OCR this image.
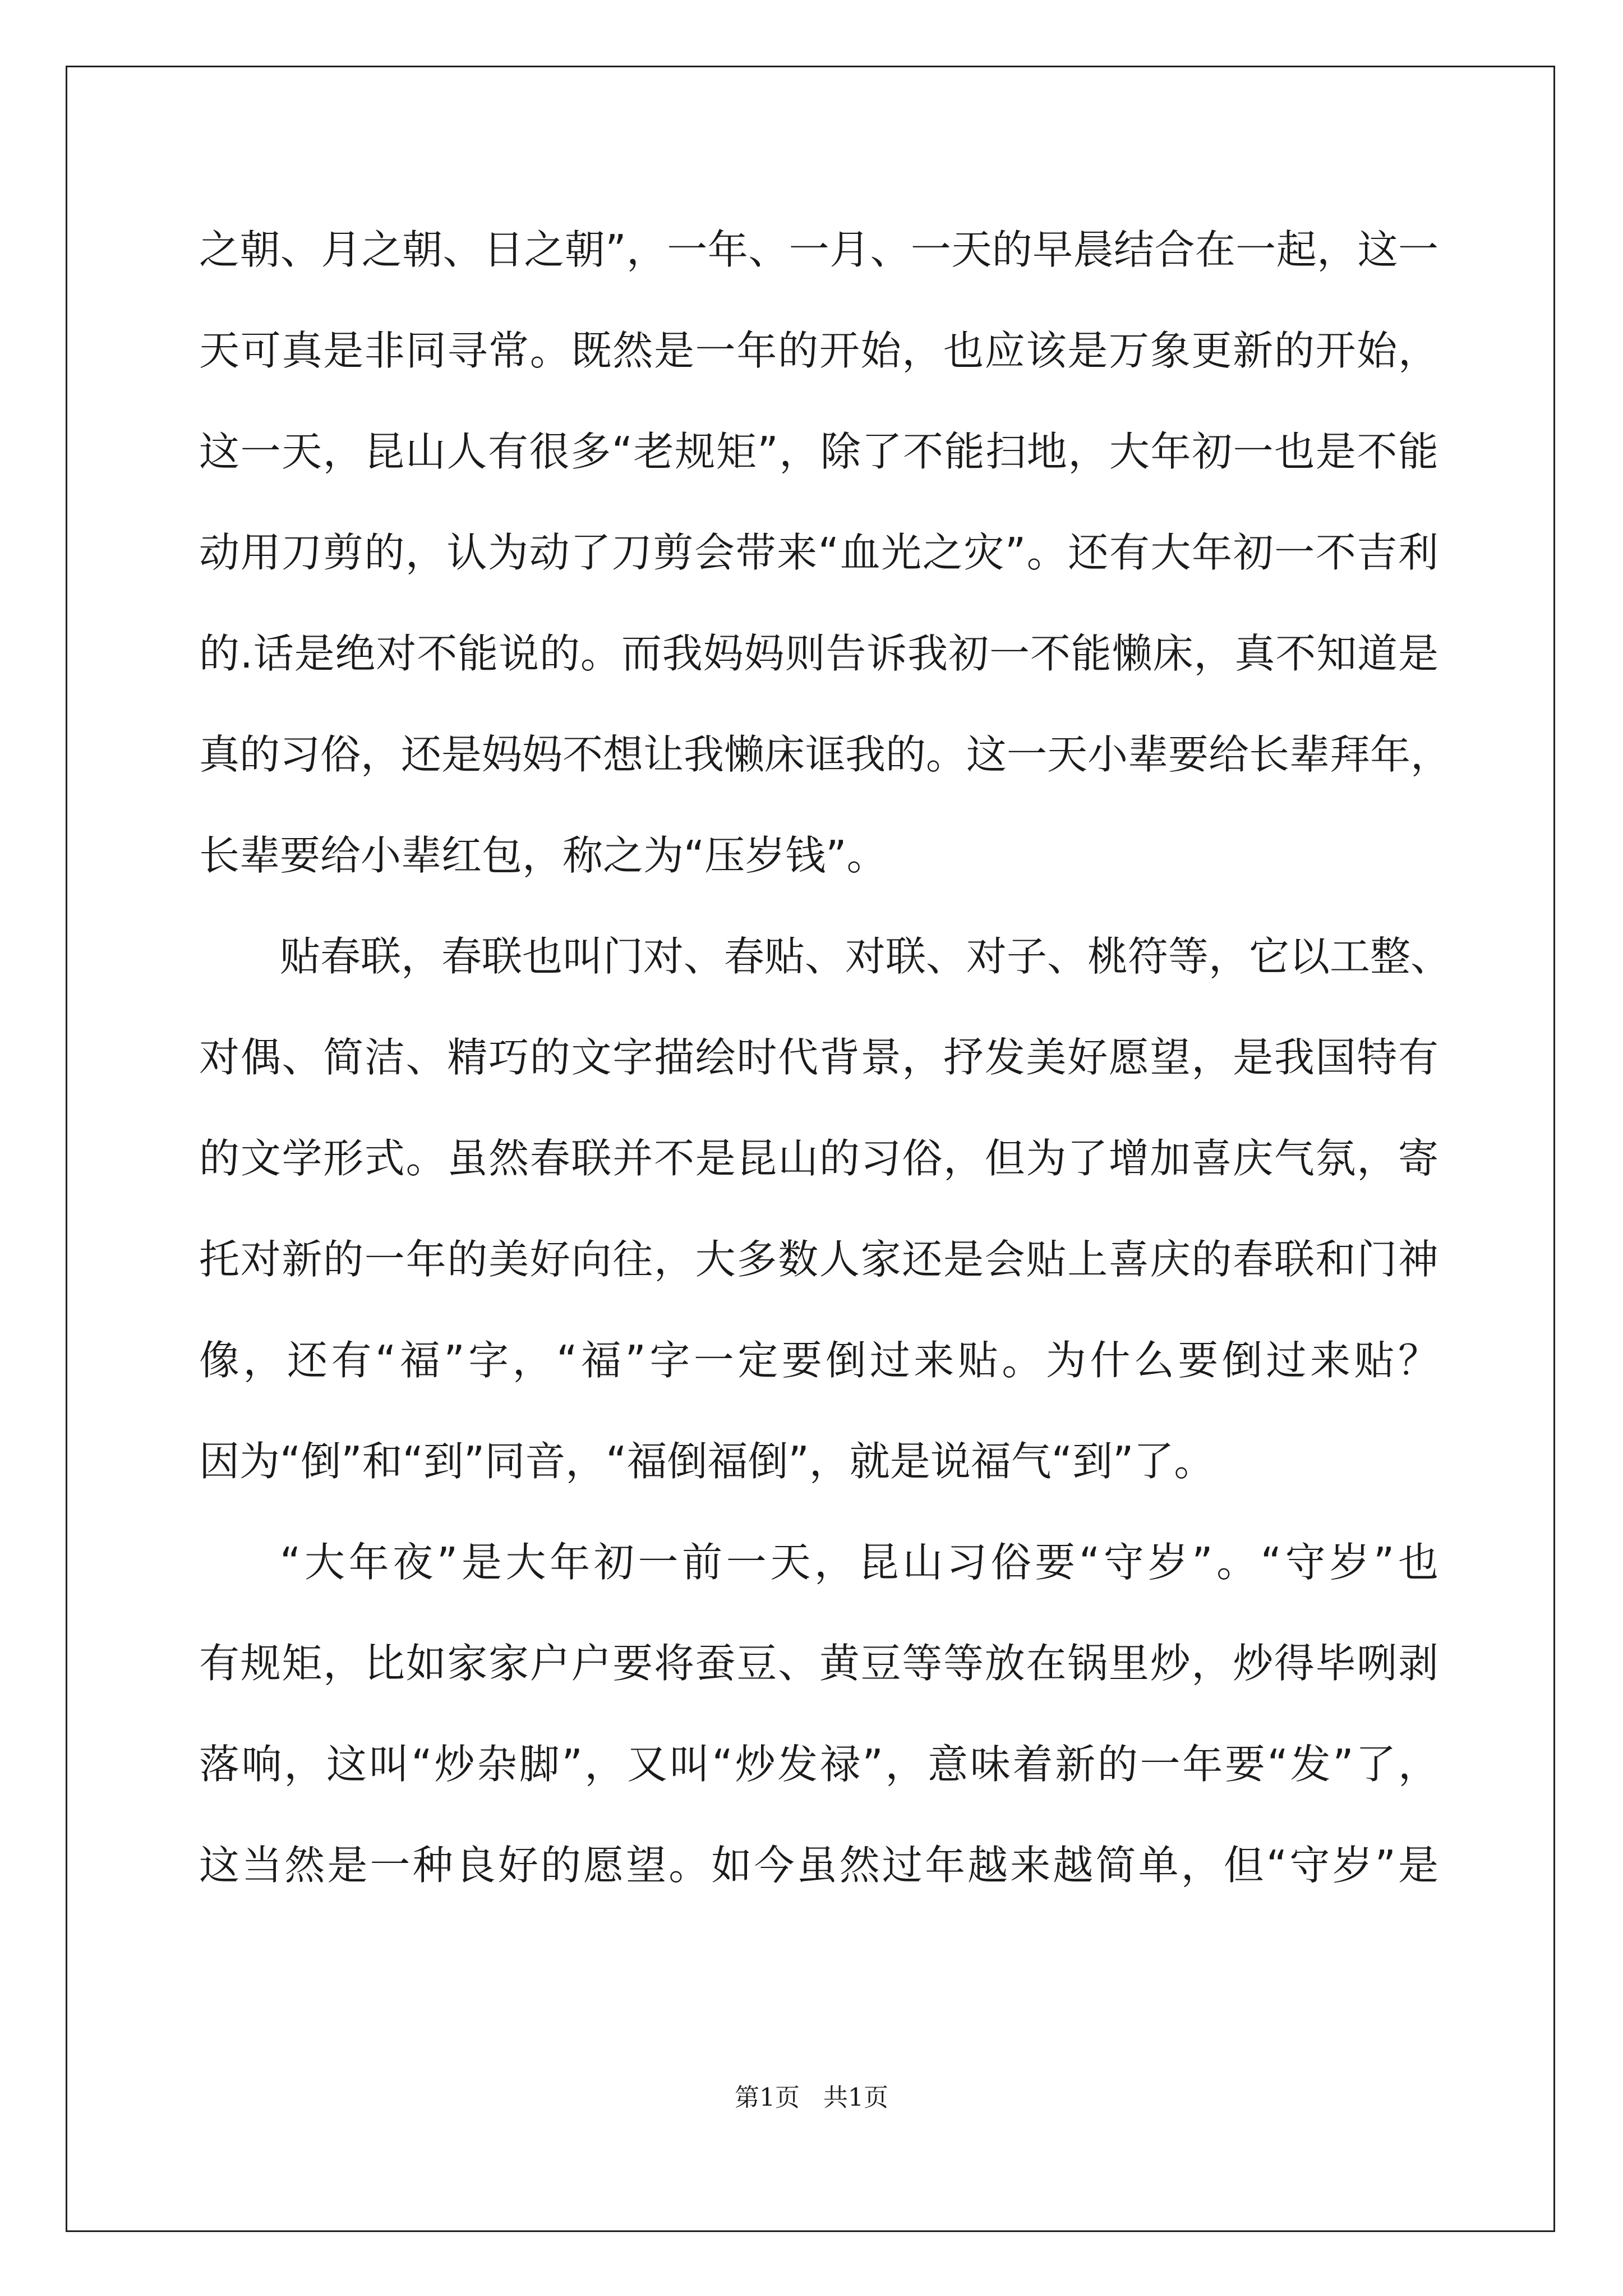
之朝、月之朝、日之朝”，一年、一月、一天的早晨结合在一起，这一
天可真是非同寻常。既然是一年的开始，也应该是万象更新的开始，
这一天，昆山人有很多“老规矩”，除了不能扫地，大年初一也是不能
动用刀剪的，认为动了刀剪会带来“血光之灾”。还有大年初一不吉利
的.话是绝对不能说的。而我妈妈则告诉我初一不能懒床，真不知道是
真的习俗，还是妈妈不想让我懒床诓我的。这一天小辈要给长辈拜年，
长辈要给小辈红包，称之为“压岁钱”。
贴春联，春联也叫门对、春贴、对联、对子、桃符等，它以工整、
对偶、简洁、精巧的文字描绘时代背景，抒发美好愿望，是我国特有
的文学形式。虽然春联并不是昆山的习俗，但为了增加喜庆气氛，寄
托对新的一年的美好向往，大多数人家还是会贴上喜庆的春联和门神
像，还有“福”字，“福”字一定要倒过来贴。为什么要倒过来贴？
因为“倒”和“到”同音，“福倒福倒”，就是说福气“到”了。
“大年夜”是大年初一前一天，昆山习俗要“守岁”。“守岁”也
有规矩，比如家家户户要将蚕豆、黄豆等等放在锅里炒，炒得毕咧剥
落响，这叫“炒杂脚”，又叫“炒发禄”，意味着新的一年要“发”了，
这当然是一种良好的愿望。如今虽然过年越来越简单，但“守岁”是
第1页 共1页
